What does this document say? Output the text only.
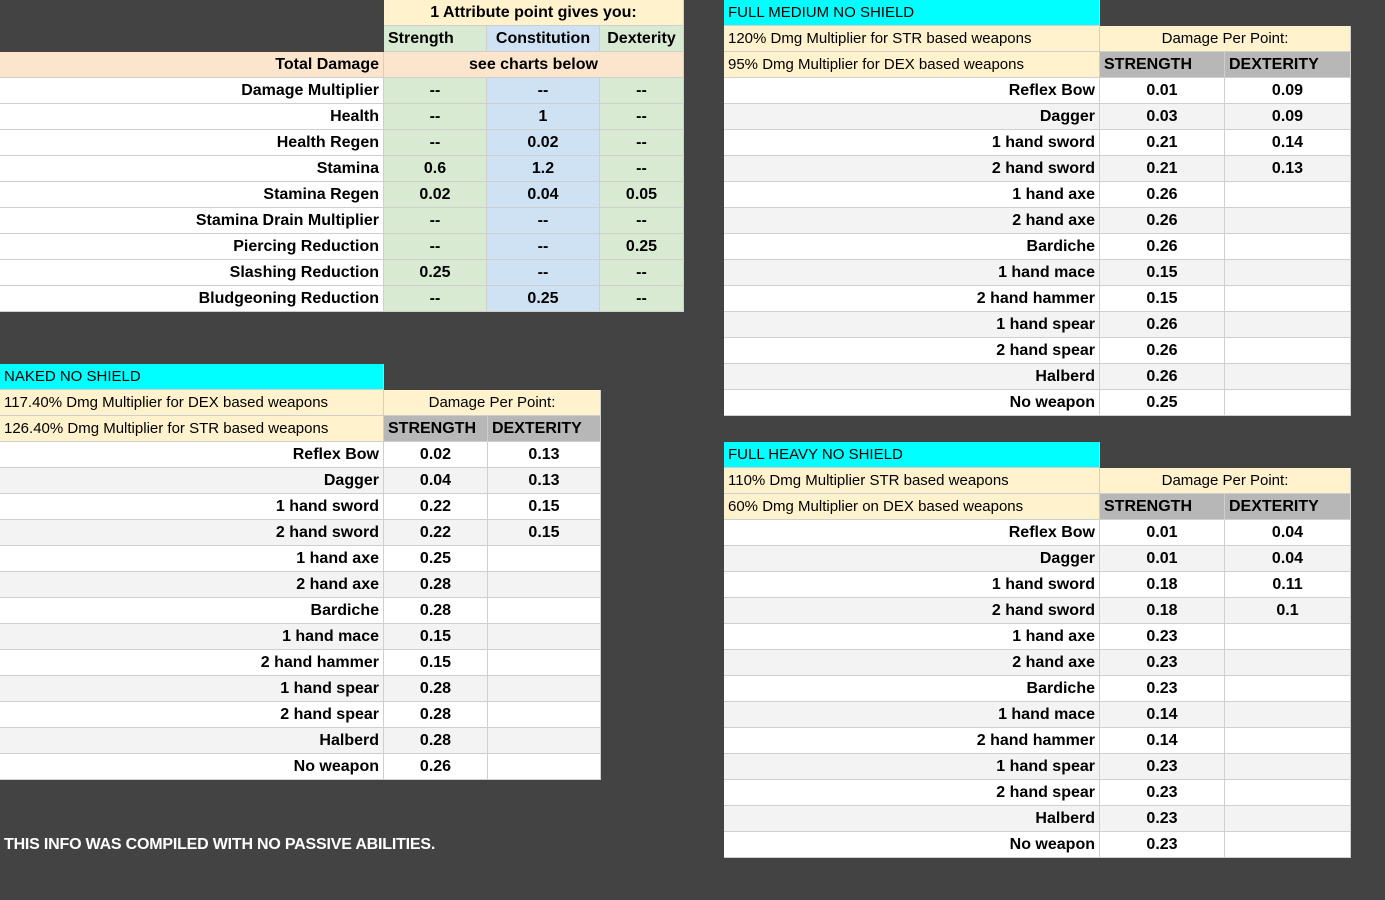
1 Attribute point gives you:
Strength	Constitution	Dexterity
Total Damage	see charts below
Damage Multiplier	--	--	--
Health	--	1	--
Health Regen	--	0.02	--
Stamina	0.6	1.2	--
Stamina Regen	0.02	0.04	0.05
Stamina Drain Multiplier	--	--	--
Piercing Reduction	--	--	0.25
Slashing Reduction	0.25	--	--
Bludgeoning Reduction	--	0.25	--
FULL MEDIUM NO SHIELD
120% Dmg Multiplier for STR based weapons	Damage Per Point:
95% Dmg Multiplier for DEX based weapons	STRENGTH	DEXTERITY
Reflex Bow	0.01	0.09
Dagger	0.03	0.09
1 hand sword	0.21	0.14
2 hand sword	0.21	0.13
1 hand axe	0.26
2 hand axe	0.26
Bardiche	0.26
1 hand mace	0.15
2 hand hammer	0.15
1 hand spear	0.26
2 hand spear	0.26
Halberd	0.26
No weapon	0.25
NAKED NO SHIELD
117.40% Dmg Multiplier for DEX based weapons	Damage Per Point:
126.40% Dmg Multiplier for STR based weapons	STRENGTH	DEXTERITY
Reflex Bow	0.02	0.13
Dagger	0.04	0.13
1 hand sword	0.22	0.15
2 hand sword	0.22	0.15
1 hand axe	0.25
2 hand axe	0.28
Bardiche	0.28
1 hand mace	0.15
2 hand hammer	0.15
1 hand spear	0.28
2 hand spear	0.28
Halberd	0.28
No weapon	0.26
FULL HEAVY NO SHIELD
110% Dmg Multiplier STR based weapons	Damage Per Point:
60% Dmg Multiplier on DEX based weapons	STRENGTH	DEXTERITY
Reflex Bow	0.01	0.04
Dagger	0.01	0.04
1 hand sword	0.18	0.11
2 hand sword	0.18	0.1
1 hand axe	0.23
2 hand axe	0.23
Bardiche	0.23
1 hand mace	0.14
2 hand hammer	0.14
1 hand spear	0.23
2 hand spear	0.23
Halberd	0.23
No weapon	0.23
THIS INFO WAS COMPILED WITH NO PASSIVE ABILITIES.
